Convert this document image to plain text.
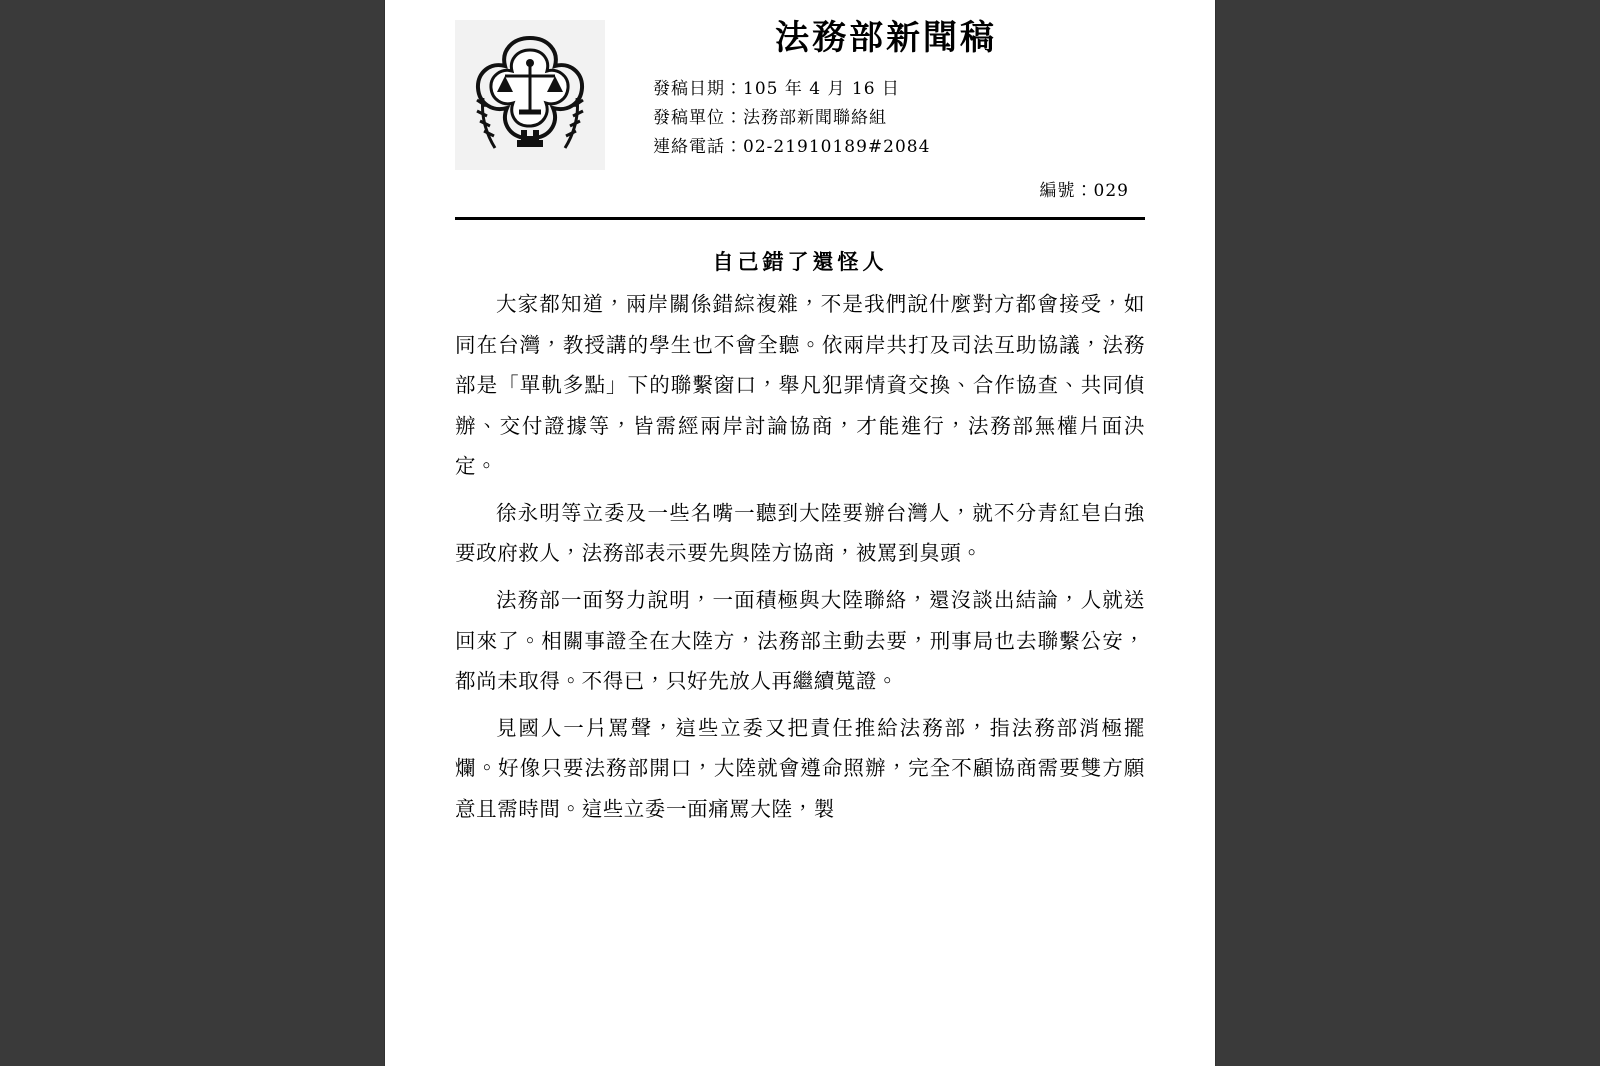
法務部新聞稿
發稿日期：105 年 4 月 16 日
發稿單位：法務部新聞聯絡組
連絡電話：02-21910189#2084
編號：029
自己錯了還怪人

大家都知道，兩岸關係錯綜複雜，不是我們說什麼對方都會接受，如同在台灣，教授講的學生也不會全聽。依兩岸共打及司法互助協議，法務部是「單軌多點」下的聯繫窗口，舉凡犯罪情資交換、合作協查、共同偵辦、交付證據等，皆需經兩岸討論協商，才能進行，法務部無權片面決定。

徐永明等立委及一些名嘴一聽到大陸要辦台灣人，就不分青紅皂白強要政府救人，法務部表示要先與陸方協商，被罵到臭頭。

法務部一面努力說明，一面積極與大陸聯絡，還沒談出結論，人就送回來了。相關事證全在大陸方，法務部主動去要，刑事局也去聯繫公安，都尚未取得。不得已，只好先放人再繼續蒐證。

見國人一片罵聲，這些立委又把責任推給法務部，指法務部消極擺爛。好像只要法務部開口，大陸就會遵命照辦，完全不顧協商需要雙方願意且需時間。這些立委一面痛罵大陸，製
